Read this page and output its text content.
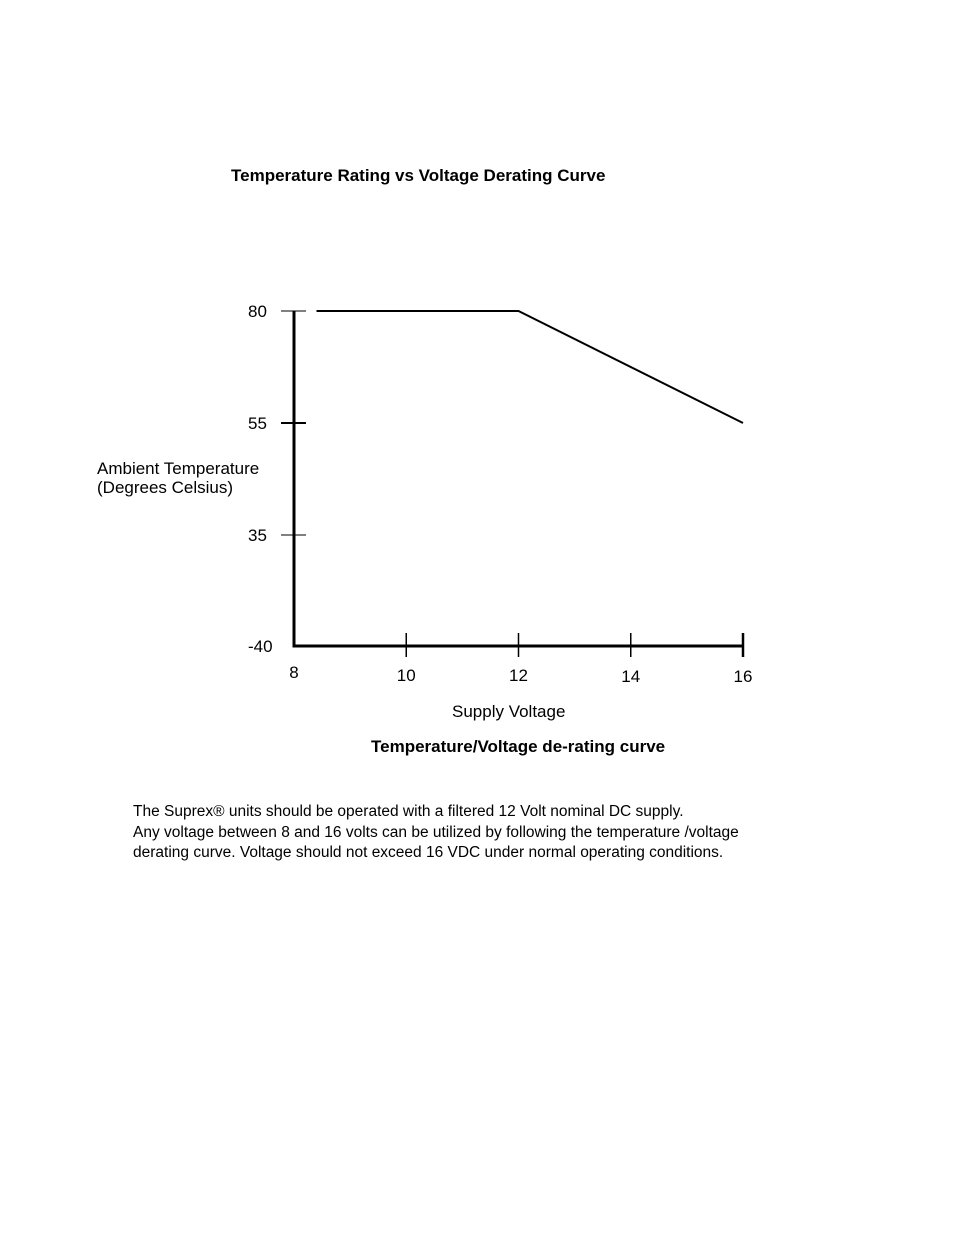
Temperature Rating vs Voltage Derating Curve
-40
35
55
80
8	10	12	14	16
Ambient Temperature
(Degrees Celsius)
Supply Voltage
Temperature/Voltage de-rating curve
The Suprex® units should be operated with a filtered 12 Volt nominal DC supply.
Any voltage between 8 and 16 volts can be utilized by following the temperature /voltage
derating curve. Voltage should not exceed 16 VDC under normal operating conditions.
